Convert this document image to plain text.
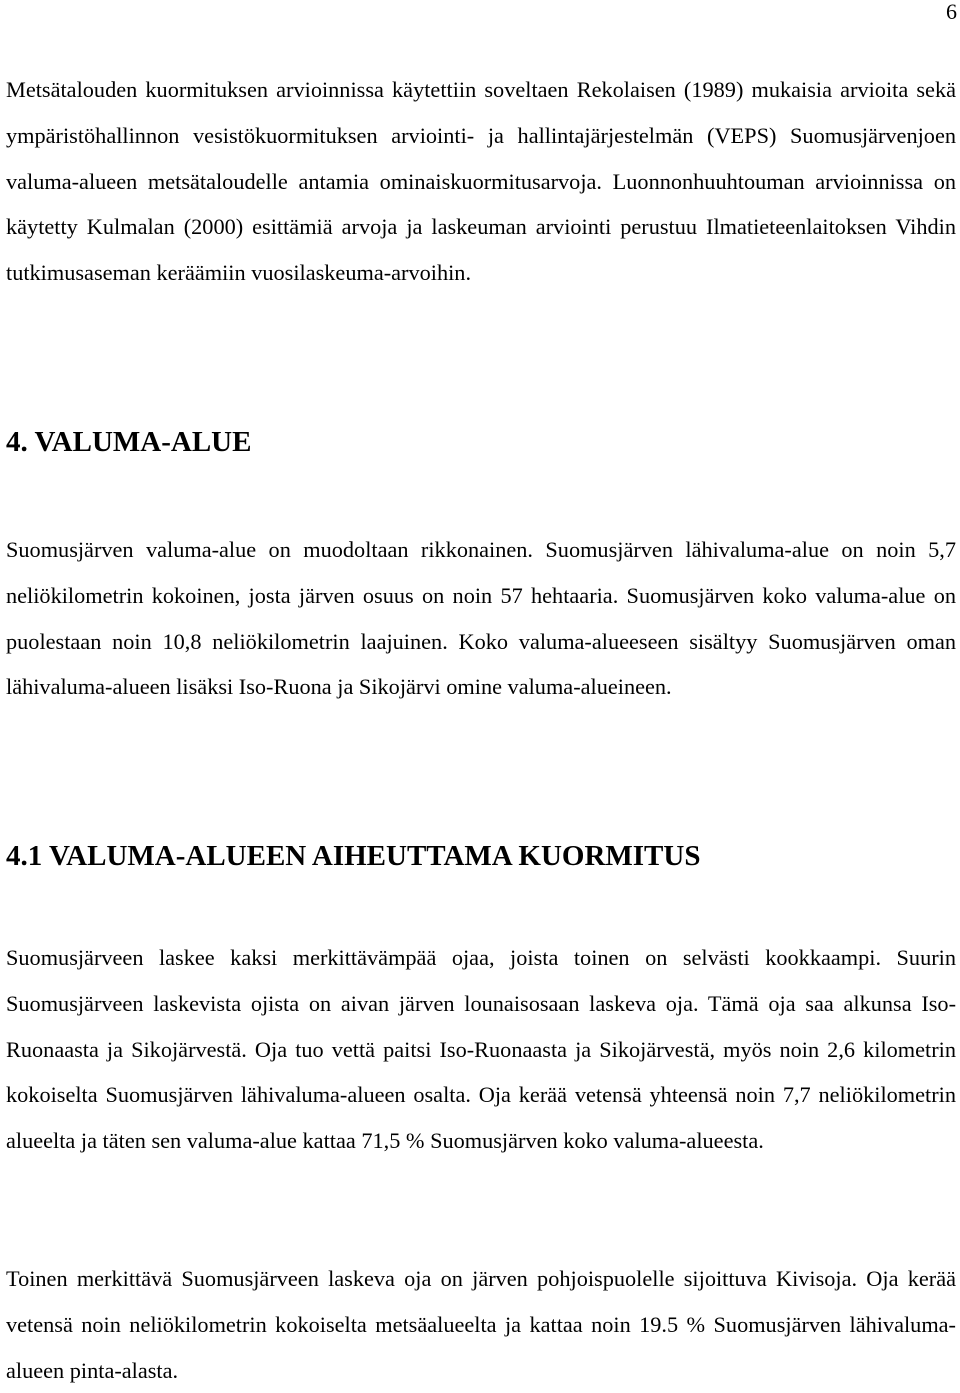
6

Metsätalouden kuormituksen arvioinnissa käytettiin soveltaen Rekolaisen (1989) mukaisia arvioita sekä ympäristöhallinnon vesistökuormituksen arviointi- ja hallintajärjestelmän (VEPS) Suomusjärvenjoen valuma-alueen metsätaloudelle antamia ominaiskuormitusarvoja. Luonnonhuuhtouman arvioinnissa on käytetty Kulmalan (2000) esittämiä arvoja ja laskeuman arviointi perustuu Ilmatieteenlaitoksen Vihdin tutkimusaseman keräämiin vuosilaskeuma-arvoihin.

4. VALUMA-ALUE

Suomusjärven valuma-alue on muodoltaan rikkonainen. Suomusjärven lähivaluma-alue on noin 5,7 neliökilometrin kokoinen, josta järven osuus on noin 57 hehtaaria. Suomusjärven koko valuma-alue on puolestaan noin 10,8 neliökilometrin laajuinen. Koko valuma-alueeseen sisältyy Suomusjärven oman lähivaluma-alueen lisäksi Iso-Ruona ja Sikojärvi omine valuma-alueineen.

4.1 VALUMA-ALUEEN AIHEUTTAMA KUORMITUS

Suomusjärveen laskee kaksi merkittävämpää ojaa, joista toinen on selvästi kookkaampi. Suurin Suomusjärveen laskevista ojista on aivan järven lounaisosaan laskeva oja. Tämä oja saa alkunsa Iso-Ruonaasta ja Sikojärvestä. Oja tuo vettä paitsi Iso-Ruonaasta ja Sikojärvestä, myös noin 2,6 kilometrin kokoiselta Suomusjärven lähivaluma-alueen osalta. Oja kerää vetensä yhteensä noin 7,7 neliökilometrin alueelta ja täten sen valuma-alue kattaa 71,5 % Suomusjärven koko valuma-alueesta.

Toinen merkittävä Suomusjärveen laskeva oja on järven pohjoispuolelle sijoittuva Kivisoja. Oja kerää vetensä noin neliökilometrin kokoiselta metsäalueelta ja kattaa noin 19.5 % Suomusjärven lähivaluma-alueen pinta-alasta.
